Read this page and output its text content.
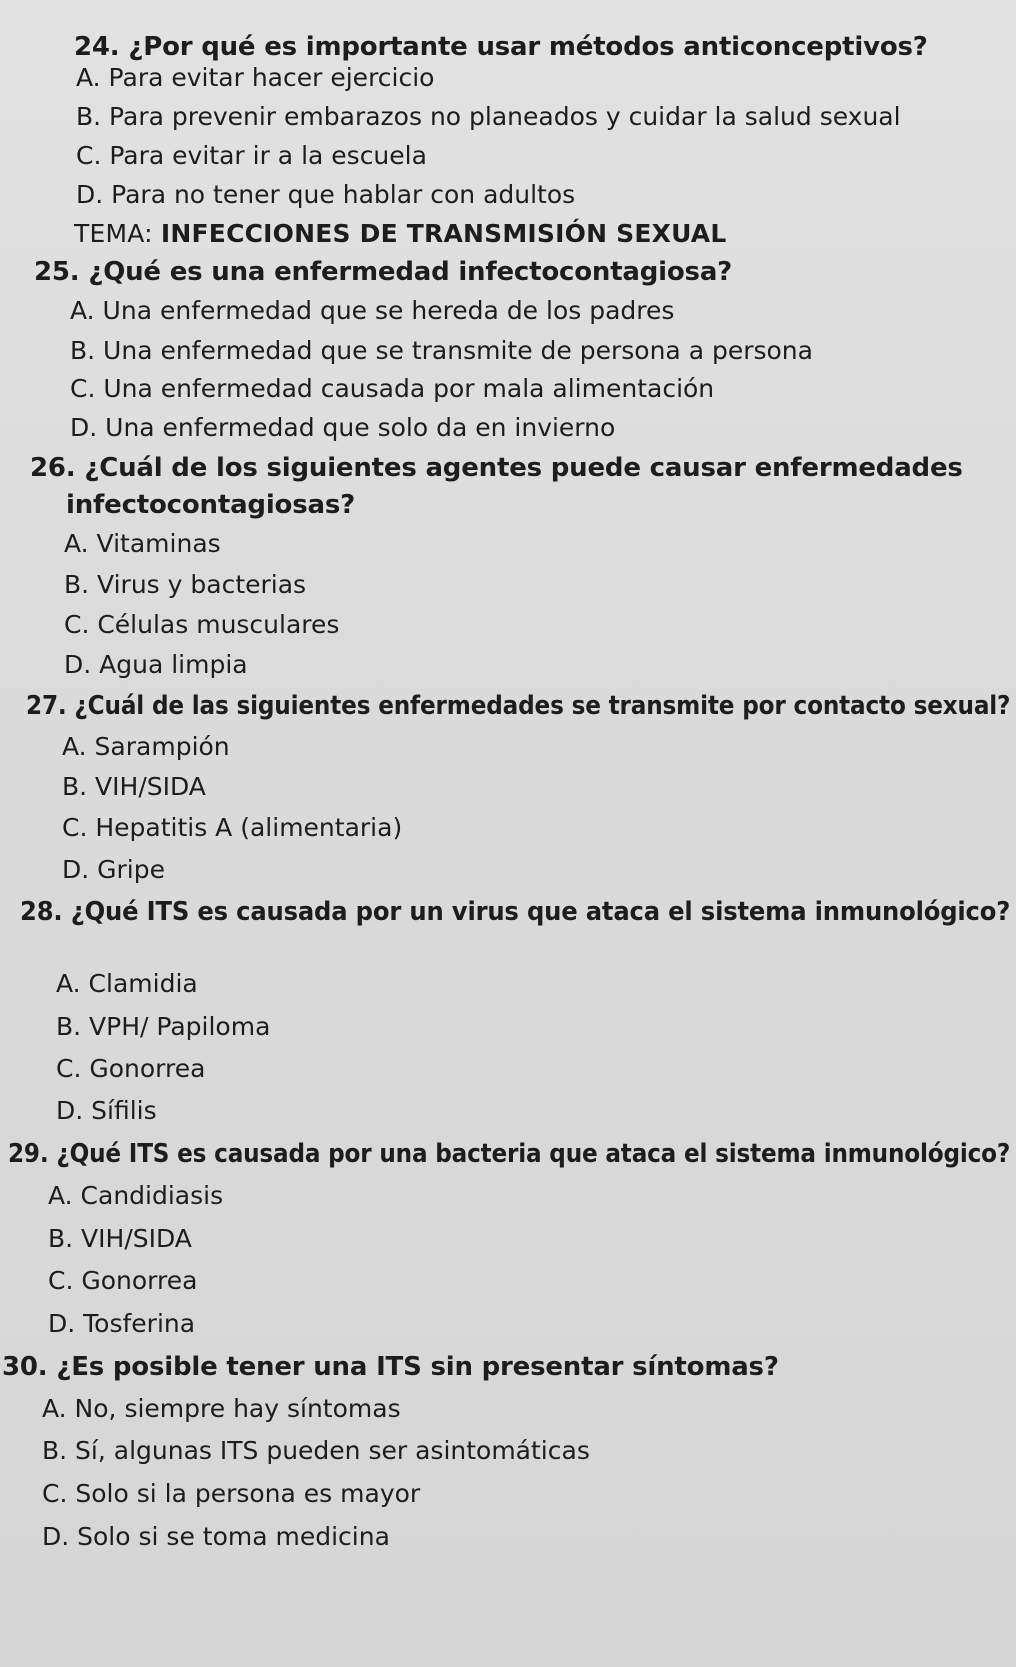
24. ¿Por qué es importante usar métodos anticonceptivos?
A. Para evitar hacer ejercicio
B. Para prevenir embarazos no planeados y cuidar la salud sexual
C. Para evitar ir a la escuela
D. Para no tener que hablar con adultos
TEMA: INFECCIONES DE TRANSMISIÓN SEXUAL
25. ¿Qué es una enfermedad infectocontagiosa?
A. Una enfermedad que se hereda de los padres
B. Una enfermedad que se transmite de persona a persona
C. Una enfermedad causada por mala alimentación
D. Una enfermedad que solo da en invierno
26. ¿Cuál de los siguientes agentes puede causar enfermedades
infectocontagiosas?
A. Vitaminas
B. Virus y bacterias
C. Células musculares
D. Agua limpia
27. ¿Cuál de las siguientes enfermedades se transmite por contacto sexual?
A. Sarampión
B. VIH/SIDA
C. Hepatitis A (alimentaria)
D. Gripe
28. ¿Qué ITS es causada por un virus que ataca el sistema inmunológico?
A. Clamidia
B. VPH/ Papiloma
C. Gonorrea
D. Sífilis
29. ¿Qué ITS es causada por una bacteria que ataca el sistema inmunológico?
A. Candidiasis
B. VIH/SIDA
C. Gonorrea
D. Tosferina
30. ¿Es posible tener una ITS sin presentar síntomas?
A. No, siempre hay síntomas
B. Sí, algunas ITS pueden ser asintomáticas
C. Solo si la persona es mayor
D. Solo si se toma medicina
